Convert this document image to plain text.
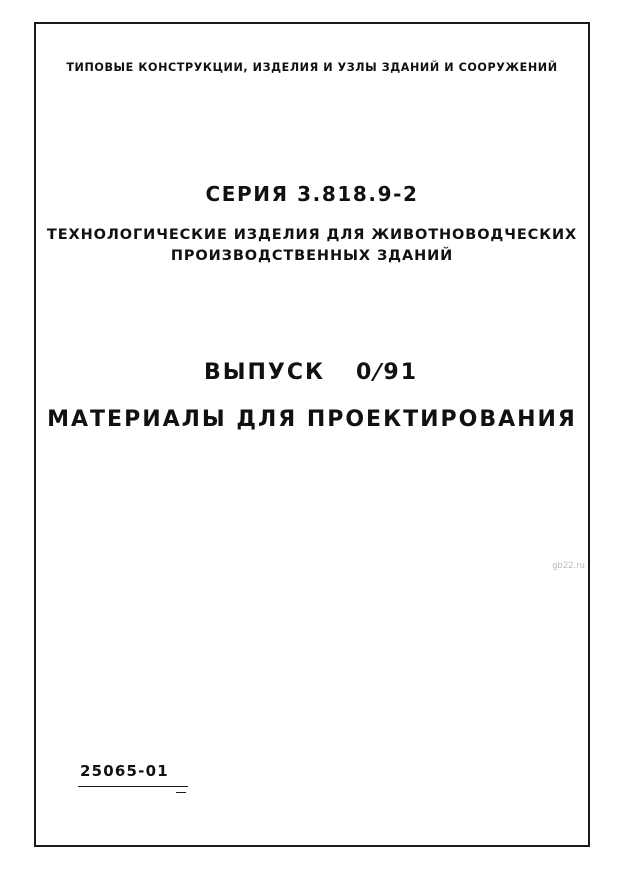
ТИПОВЫЕ КОНСТРУКЦИИ, ИЗДЕЛИЯ И УЗЛЫ ЗДАНИЙ И СООРУЖЕНИЙ
СЕРИЯ 3.818.9-2
ТЕХНОЛОГИЧЕСКИЕ ИЗДЕЛИЯ ДЛЯ ЖИВОТНОВОДЧЕСКИХ
ПРОИЗВОДСТВЕННЫХ ЗДАНИЙ
ВЫПУСК 0/91
МАТЕРИАЛЫ ДЛЯ ПРОЕКТИРОВАНИЯ
gb22.ru
25065-01
